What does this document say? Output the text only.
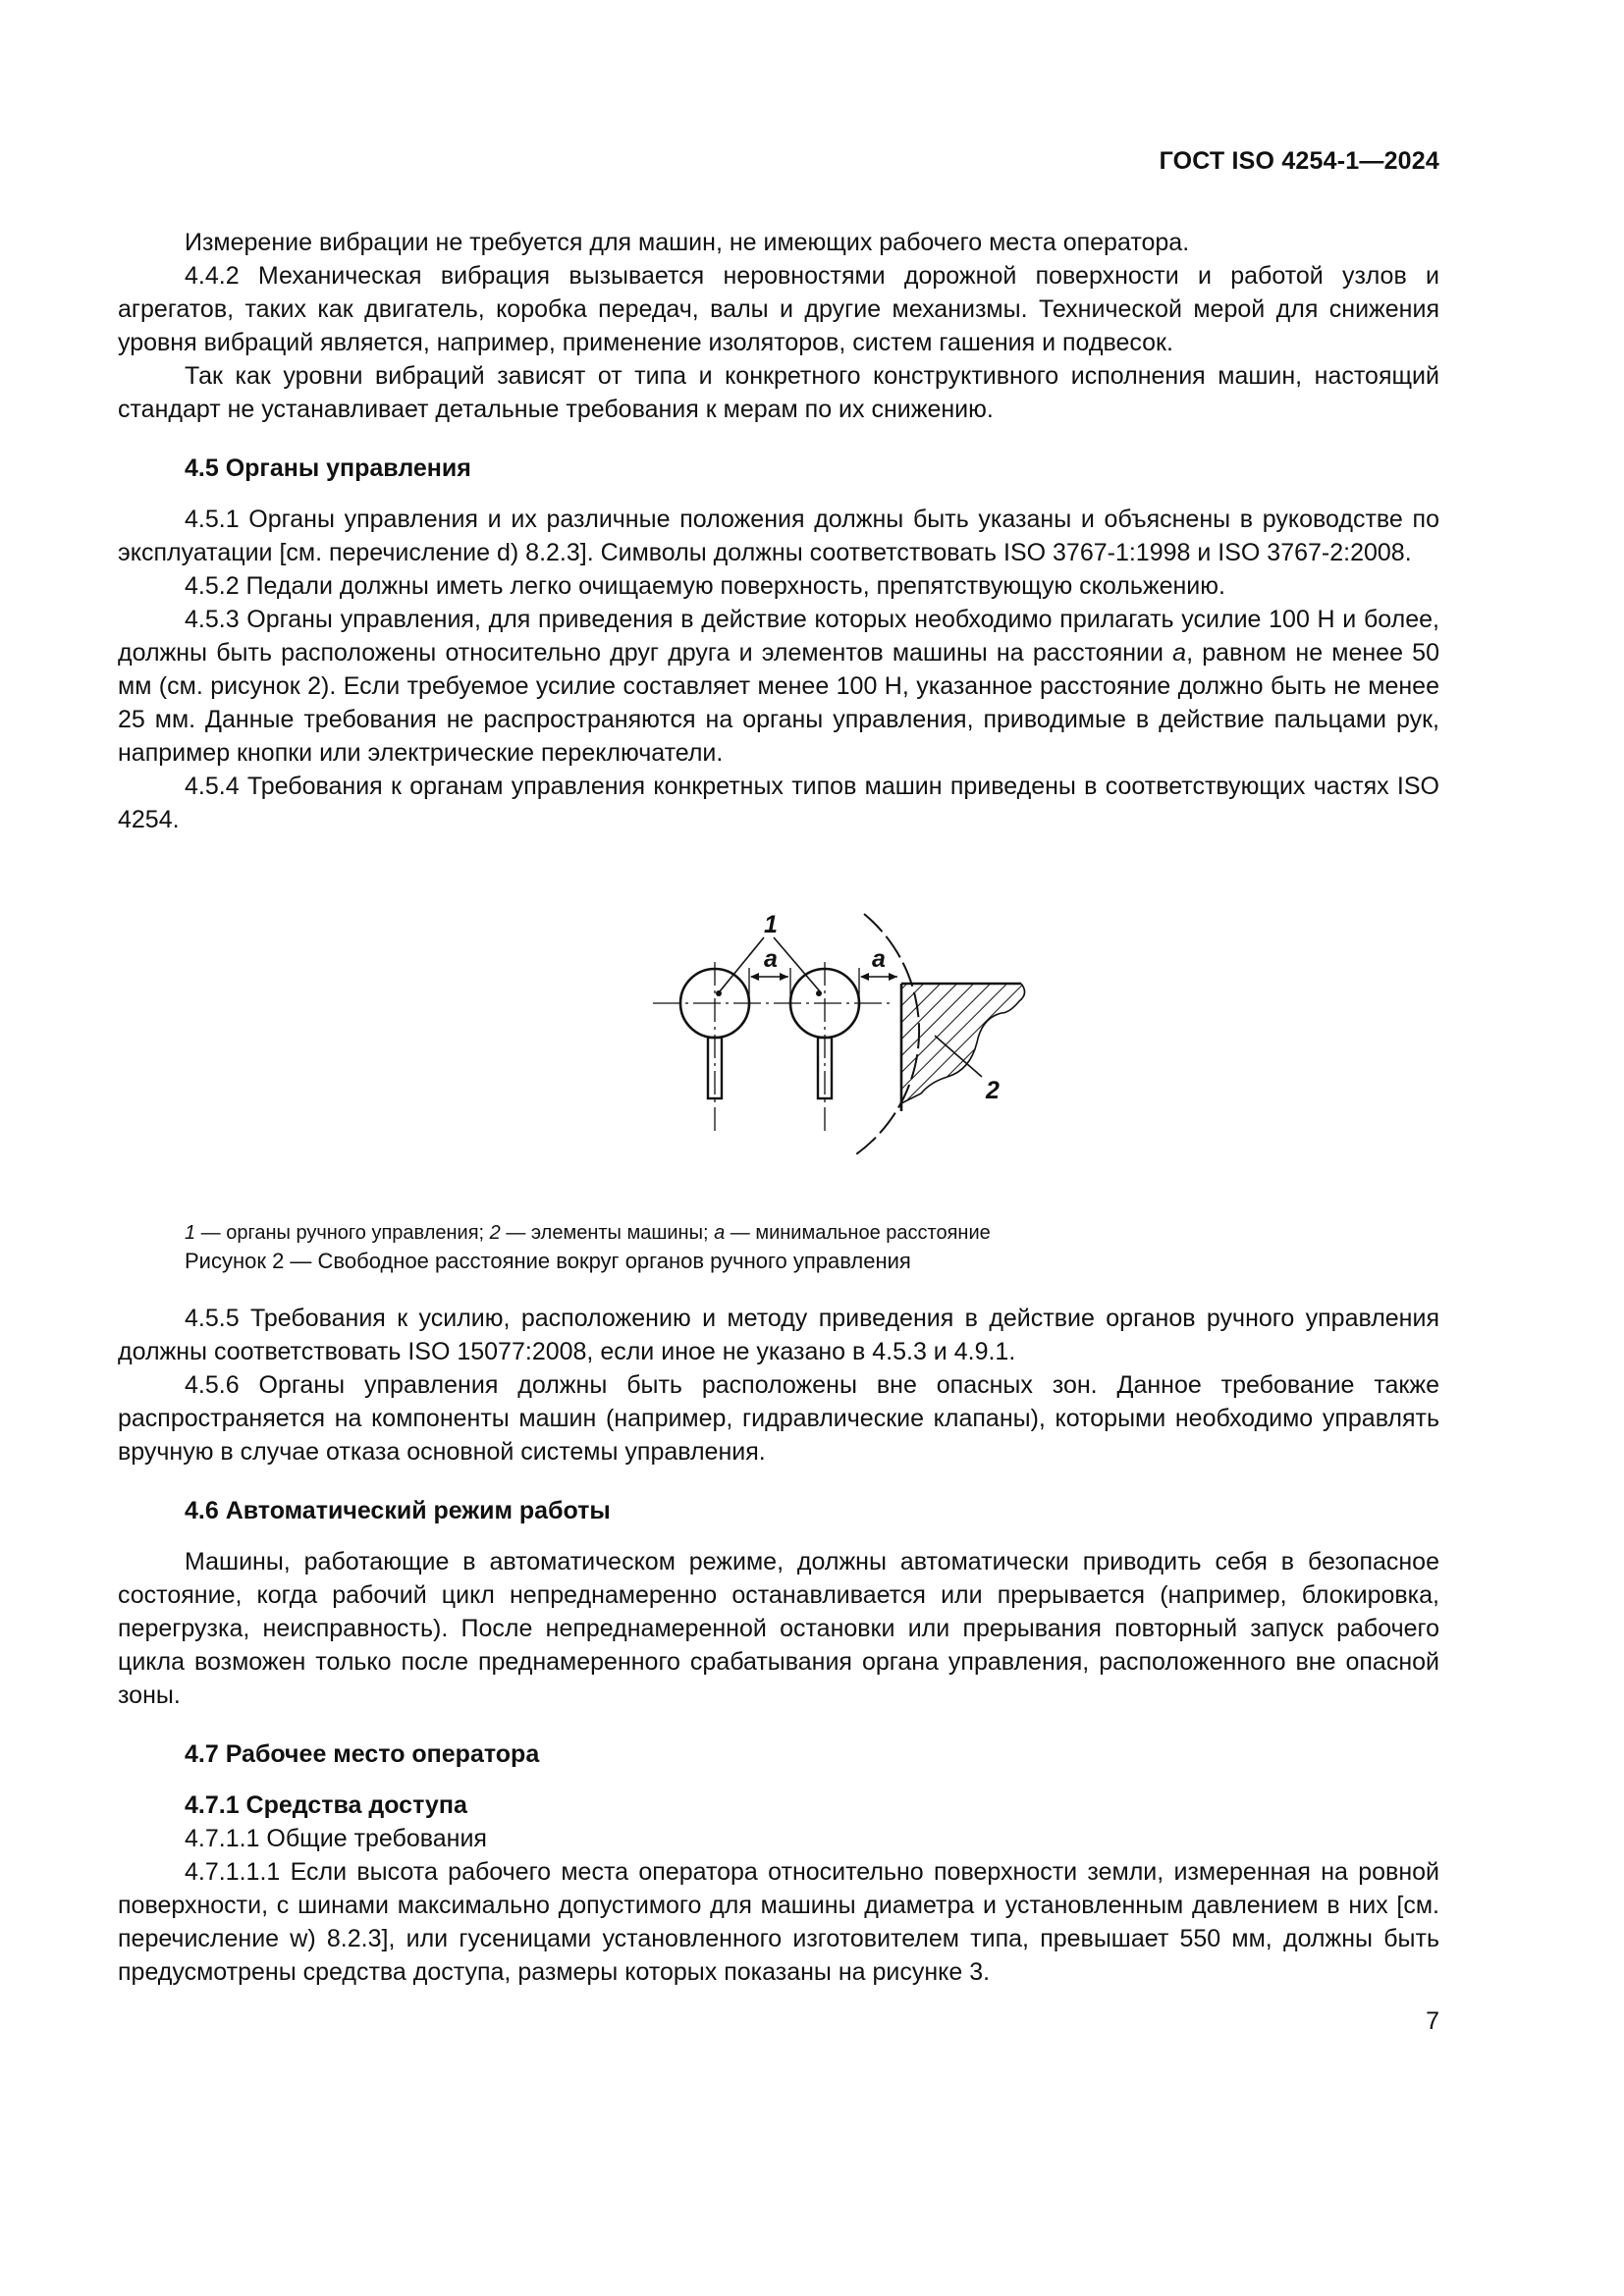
ГОСТ ISO 4254-1—2024

Измерение вибрации не требуется для машин, не имеющих рабочего места оператора.

4.4.2 Механическая вибрация вызывается неровностями дорожной поверхности и работой узлов и агрегатов, таких как двигатель, коробка передач, валы и другие механизмы. Технической мерой для снижения уровня вибраций является, например, применение изоляторов, систем гашения и подвесок.

Так как уровни вибраций зависят от типа и конкретного конструктивного исполнения машин, настоящий стандарт не устанавливает детальные требования к мерам по их снижению.

4.5 Органы управления

4.5.1 Органы управления и их различные положения должны быть указаны и объяснены в руководстве по эксплуатации [см. перечисление d) 8.2.3]. Символы должны соответствовать ISO 3767-1:1998 и ISO 3767-2:2008.

4.5.2 Педали должны иметь легко очищаемую поверхность, препятствующую скольжению.

4.5.3 Органы управления, для приведения в действие которых необходимо прилагать усилие 100 Н и более, должны быть расположены относительно друг друга и элементов машины на расстоянии a, равном не менее 50 мм (см. рисунок 2). Если требуемое усилие составляет менее 100 Н, указанное расстояние должно быть не менее 25 мм. Данные требования не распространяются на органы управления, приводимые в действие пальцами рук, например кнопки или электрические переключатели.

4.5.4 Требования к органам управления конкретных типов машин приведены в соответствующих частях ISO 4254.

1
a	a
2

1 — органы ручного управления; 2 — элементы машины; а — минимальное расстояние

Рисунок 2 — Свободное расстояние вокруг органов ручного управления

4.5.5 Требования к усилию, расположению и методу приведения в действие органов ручного управления должны соответствовать ISO 15077:2008, если иное не указано в 4.5.3 и 4.9.1.

4.5.6 Органы управления должны быть расположены вне опасных зон. Данное требование также распространяется на компоненты машин (например, гидравлические клапаны), которыми необходимо управлять вручную в случае отказа основной системы управления.

4.6 Автоматический режим работы

Машины, работающие в автоматическом режиме, должны автоматически приводить себя в безопасное состояние, когда рабочий цикл непреднамеренно останавливается или прерывается (например, блокировка, перегрузка, неисправность). После непреднамеренной остановки или прерывания повторный запуск рабочего цикла возможен только после преднамеренного срабатывания органа управления, расположенного вне опасной зоны.

4.7 Рабочее место оператора
4.7.1 Средства доступа

4.7.1.1 Общие требования

4.7.1.1.1 Если высота рабочего места оператора относительно поверхности земли, измеренная на ровной поверхности, с шинами максимально допустимого для машины диаметра и установленным давлением в них [см. перечисление w) 8.2.3], или гусеницами установленного изготовителем типа, превышает 550 мм, должны быть предусмотрены средства доступа, размеры которых показаны на рисунке 3.

7
